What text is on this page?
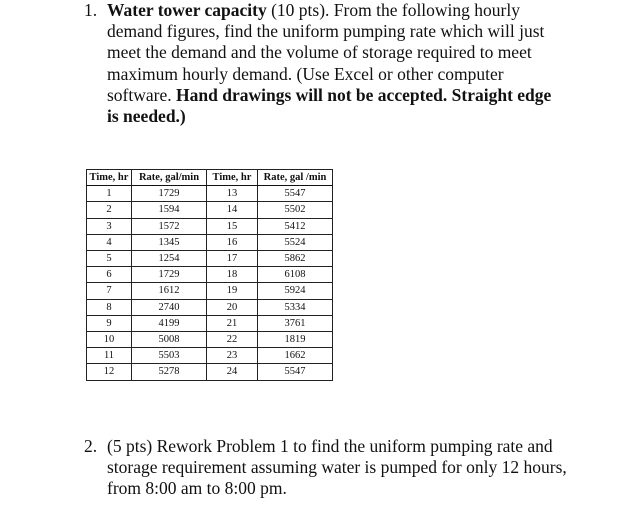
1. Water tower capacity (10 pts). From the following hourly demand figures, find the uniform pumping rate which will just meet the demand and the volume of storage required to meet maximum hourly demand. (Use Excel or other computer software. Hand drawings will not be accepted. Straight edge is needed.)
Time, hr	Rate, gal/min	Time, hr	Rate, gal /min
1	1729	13	5547
2	1594	14	5502
3	1572	15	5412
4	1345	16	5524
5	1254	17	5862
6	1729	18	6108
7	1612	19	5924
8	2740	20	5334
9	4199	21	3761
10	5008	22	1819
11	5503	23	1662
12	5278	24	5547
2. (5 pts) Rework Problem 1 to find the uniform pumping rate and storage requirement assuming water is pumped for only 12 hours, from 8:00 am to 8:00 pm.
